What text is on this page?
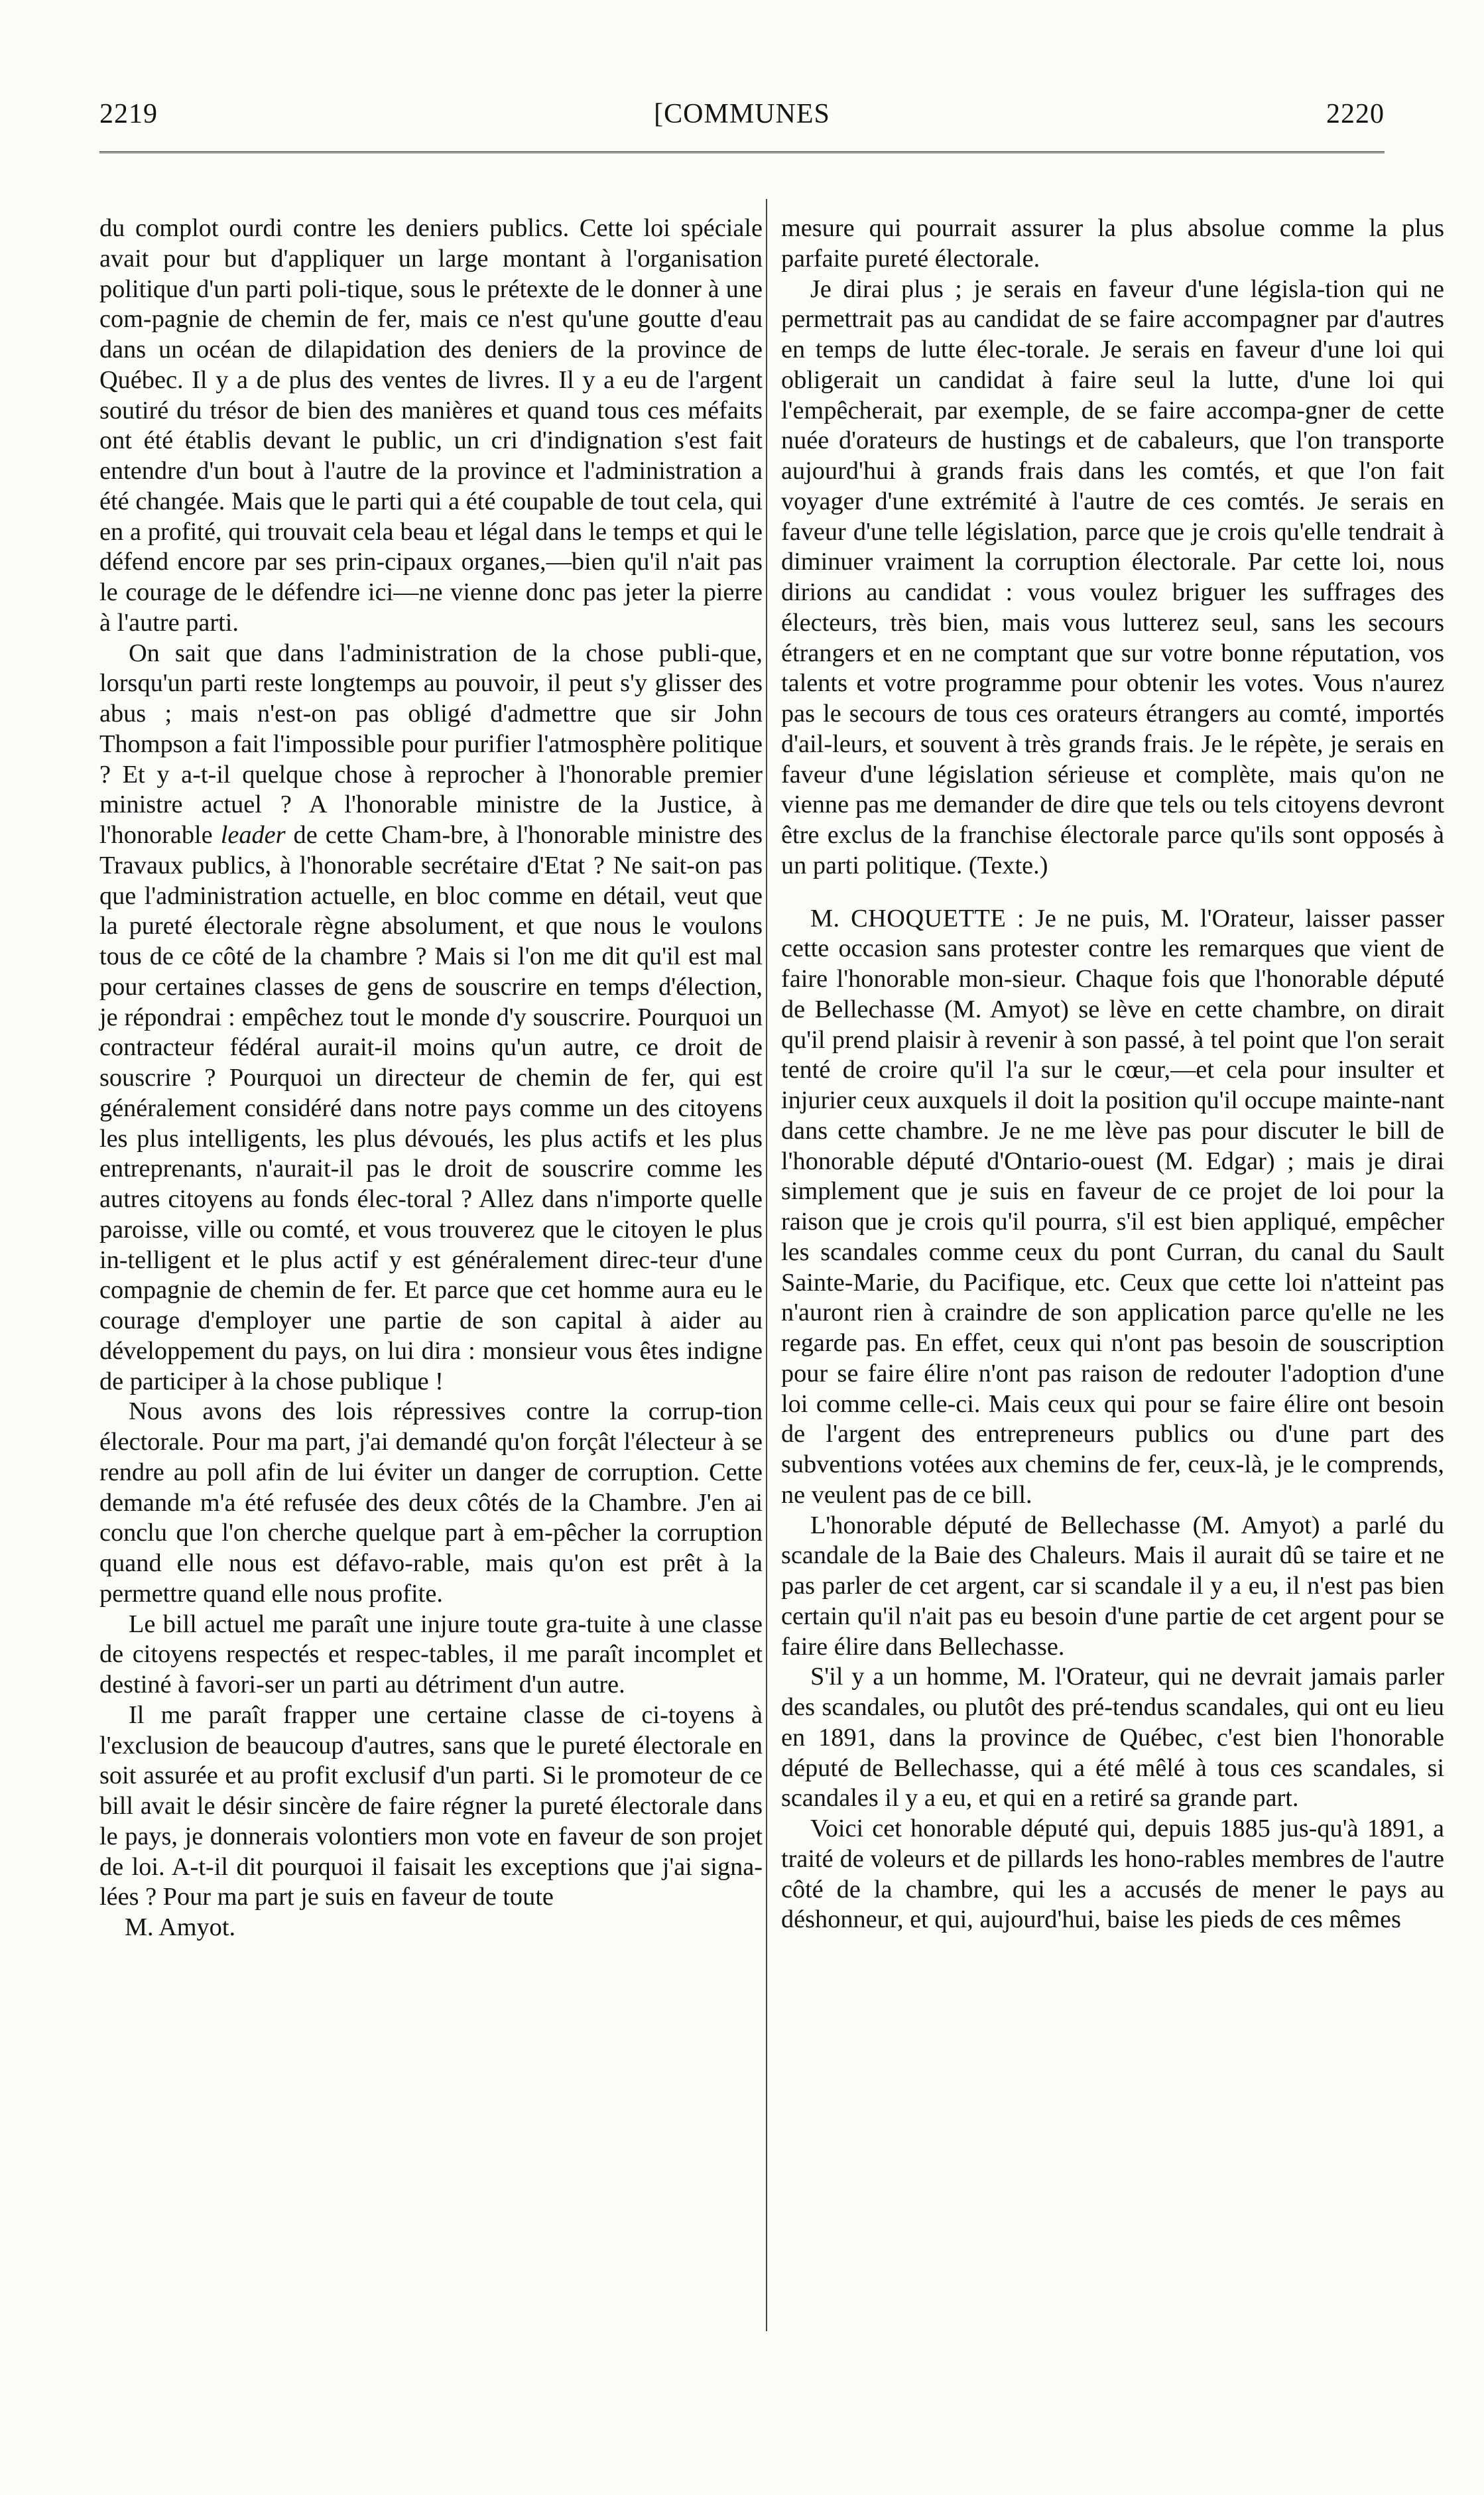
2219	[COMMUNES	2220

du complot ourdi contre les deniers publics. Cette loi spéciale avait pour but d'appliquer un large montant à l'organisation politique d'un parti poli-tique, sous le prétexte de le donner à une com-pagnie de chemin de fer, mais ce n'est qu'une goutte d'eau dans un océan de dilapidation des deniers de la province de Québec. Il y a de plus des ventes de livres. Il y a eu de l'argent soutiré du trésor de bien des manières et quand tous ces méfaits ont été établis devant le public, un cri d'indignation s'est fait entendre d'un bout à l'autre de la province et l'administration a été changée. Mais que le parti qui a été coupable de tout cela, qui en a profité, qui trouvait cela beau et légal dans le temps et qui le défend encore par ses prin-cipaux organes,—bien qu'il n'ait pas le courage de le défendre ici—ne vienne donc pas jeter la pierre à l'autre parti.

On sait que dans l'administration de la chose publi-que, lorsqu'un parti reste longtemps au pouvoir, il peut s'y glisser des abus ; mais n'est-on pas obligé d'admettre que sir John Thompson a fait l'impossible pour purifier l'atmosphère politique ? Et y a-t-il quelque chose à reprocher à l'honorable premier ministre actuel ? A l'honorable ministre de la Justice, à l'honorable leader de cette Cham-bre, à l'honorable ministre des Travaux publics, à l'honorable secrétaire d'Etat ? Ne sait-on pas que l'administration actuelle, en bloc comme en détail, veut que la pureté électorale règne absolument, et que nous le voulons tous de ce côté de la chambre ? Mais si l'on me dit qu'il est mal pour certaines classes de gens de souscrire en temps d'élection, je répondrai : empêchez tout le monde d'y souscrire. Pourquoi un contracteur fédéral aurait-il moins qu'un autre, ce droit de souscrire ? Pourquoi un directeur de chemin de fer, qui est généralement considéré dans notre pays comme un des citoyens les plus intelligents, les plus dévoués, les plus actifs et les plus entreprenants, n'aurait-il pas le droit de souscrire comme les autres citoyens au fonds élec-toral ? Allez dans n'importe quelle paroisse, ville ou comté, et vous trouverez que le citoyen le plus in-telligent et le plus actif y est généralement direc-teur d'une compagnie de chemin de fer. Et parce que cet homme aura eu le courage d'employer une partie de son capital à aider au développement du pays, on lui dira : monsieur vous êtes indigne de participer à la chose publique !

Nous avons des lois répressives contre la corrup-tion électorale. Pour ma part, j'ai demandé qu'on forçât l'électeur à se rendre au poll afin de lui éviter un danger de corruption. Cette demande m'a été refusée des deux côtés de la Chambre. J'en ai conclu que l'on cherche quelque part à em-pêcher la corruption quand elle nous est défavo-rable, mais qu'on est prêt à la permettre quand elle nous profite.

Le bill actuel me paraît une injure toute gra-tuite à une classe de citoyens respectés et respec-tables, il me paraît incomplet et destiné à favori-ser un parti au détriment d'un autre.

Il me paraît frapper une certaine classe de ci-toyens à l'exclusion de beaucoup d'autres, sans que le pureté électorale en soit assurée et au profit exclusif d'un parti. Si le promoteur de ce bill avait le désir sincère de faire régner la pureté électorale dans le pays, je donnerais volontiers mon vote en faveur de son projet de loi. A-t-il dit pourquoi il faisait les exceptions que j'ai signa-lées ? Pour ma part je suis en faveur de toute

M. Amyot.

mesure qui pourrait assurer la plus absolue comme la plus parfaite pureté électorale.

Je dirai plus ; je serais en faveur d'une législa-tion qui ne permettrait pas au candidat de se faire accompagner par d'autres en temps de lutte élec-torale. Je serais en faveur d'une loi qui obligerait un candidat à faire seul la lutte, d'une loi qui l'empêcherait, par exemple, de se faire accompa-gner de cette nuée d'orateurs de hustings et de cabaleurs, que l'on transporte aujourd'hui à grands frais dans les comtés, et que l'on fait voyager d'une extrémité à l'autre de ces comtés. Je serais en faveur d'une telle législation, parce que je crois qu'elle tendrait à diminuer vraiment la corruption électorale. Par cette loi, nous dirions au candidat : vous voulez briguer les suffrages des électeurs, très bien, mais vous lutterez seul, sans les secours étrangers et en ne comptant que sur votre bonne réputation, vos talents et votre programme pour obtenir les votes. Vous n'aurez pas le secours de tous ces orateurs étrangers au comté, importés d'ail-leurs, et souvent à très grands frais. Je le répète, je serais en faveur d'une législation sérieuse et complète, mais qu'on ne vienne pas me demander de dire que tels ou tels citoyens devront être exclus de la franchise électorale parce qu'ils sont opposés à un parti politique. (Texte.)

M. CHOQUETTE : Je ne puis, M. l'Orateur, laisser passer cette occasion sans protester contre les remarques que vient de faire l'honorable mon-sieur. Chaque fois que l'honorable député de Bellechasse (M. Amyot) se lève en cette chambre, on dirait qu'il prend plaisir à revenir à son passé, à tel point que l'on serait tenté de croire qu'il l'a sur le cœur,—et cela pour insulter et injurier ceux auxquels il doit la position qu'il occupe mainte-nant dans cette chambre. Je ne me lève pas pour discuter le bill de l'honorable député d'Ontario-ouest (M. Edgar) ; mais je dirai simplement que je suis en faveur de ce projet de loi pour la raison que je crois qu'il pourra, s'il est bien appliqué, empêcher les scandales comme ceux du pont Curran, du canal du Sault Sainte-Marie, du Pacifique, etc. Ceux que cette loi n'atteint pas n'auront rien à craindre de son application parce qu'elle ne les regarde pas. En effet, ceux qui n'ont pas besoin de souscription pour se faire élire n'ont pas raison de redouter l'adoption d'une loi comme celle-ci. Mais ceux qui pour se faire élire ont besoin de l'argent des entrepreneurs publics ou d'une part des subventions votées aux chemins de fer, ceux-là, je le comprends, ne veulent pas de ce bill.

L'honorable député de Bellechasse (M. Amyot) a parlé du scandale de la Baie des Chaleurs. Mais il aurait dû se taire et ne pas parler de cet argent, car si scandale il y a eu, il n'est pas bien certain qu'il n'ait pas eu besoin d'une partie de cet argent pour se faire élire dans Bellechasse.

S'il y a un homme, M. l'Orateur, qui ne devrait jamais parler des scandales, ou plutôt des pré-tendus scandales, qui ont eu lieu en 1891, dans la province de Québec, c'est bien l'honorable député de Bellechasse, qui a été mêlé à tous ces scandales, si scandales il y a eu, et qui en a retiré sa grande part.

Voici cet honorable député qui, depuis 1885 jus-qu'à 1891, a traité de voleurs et de pillards les hono-rables membres de l'autre côté de la chambre, qui les a accusés de mener le pays au déshonneur, et qui, aujourd'hui, baise les pieds de ces mêmes
